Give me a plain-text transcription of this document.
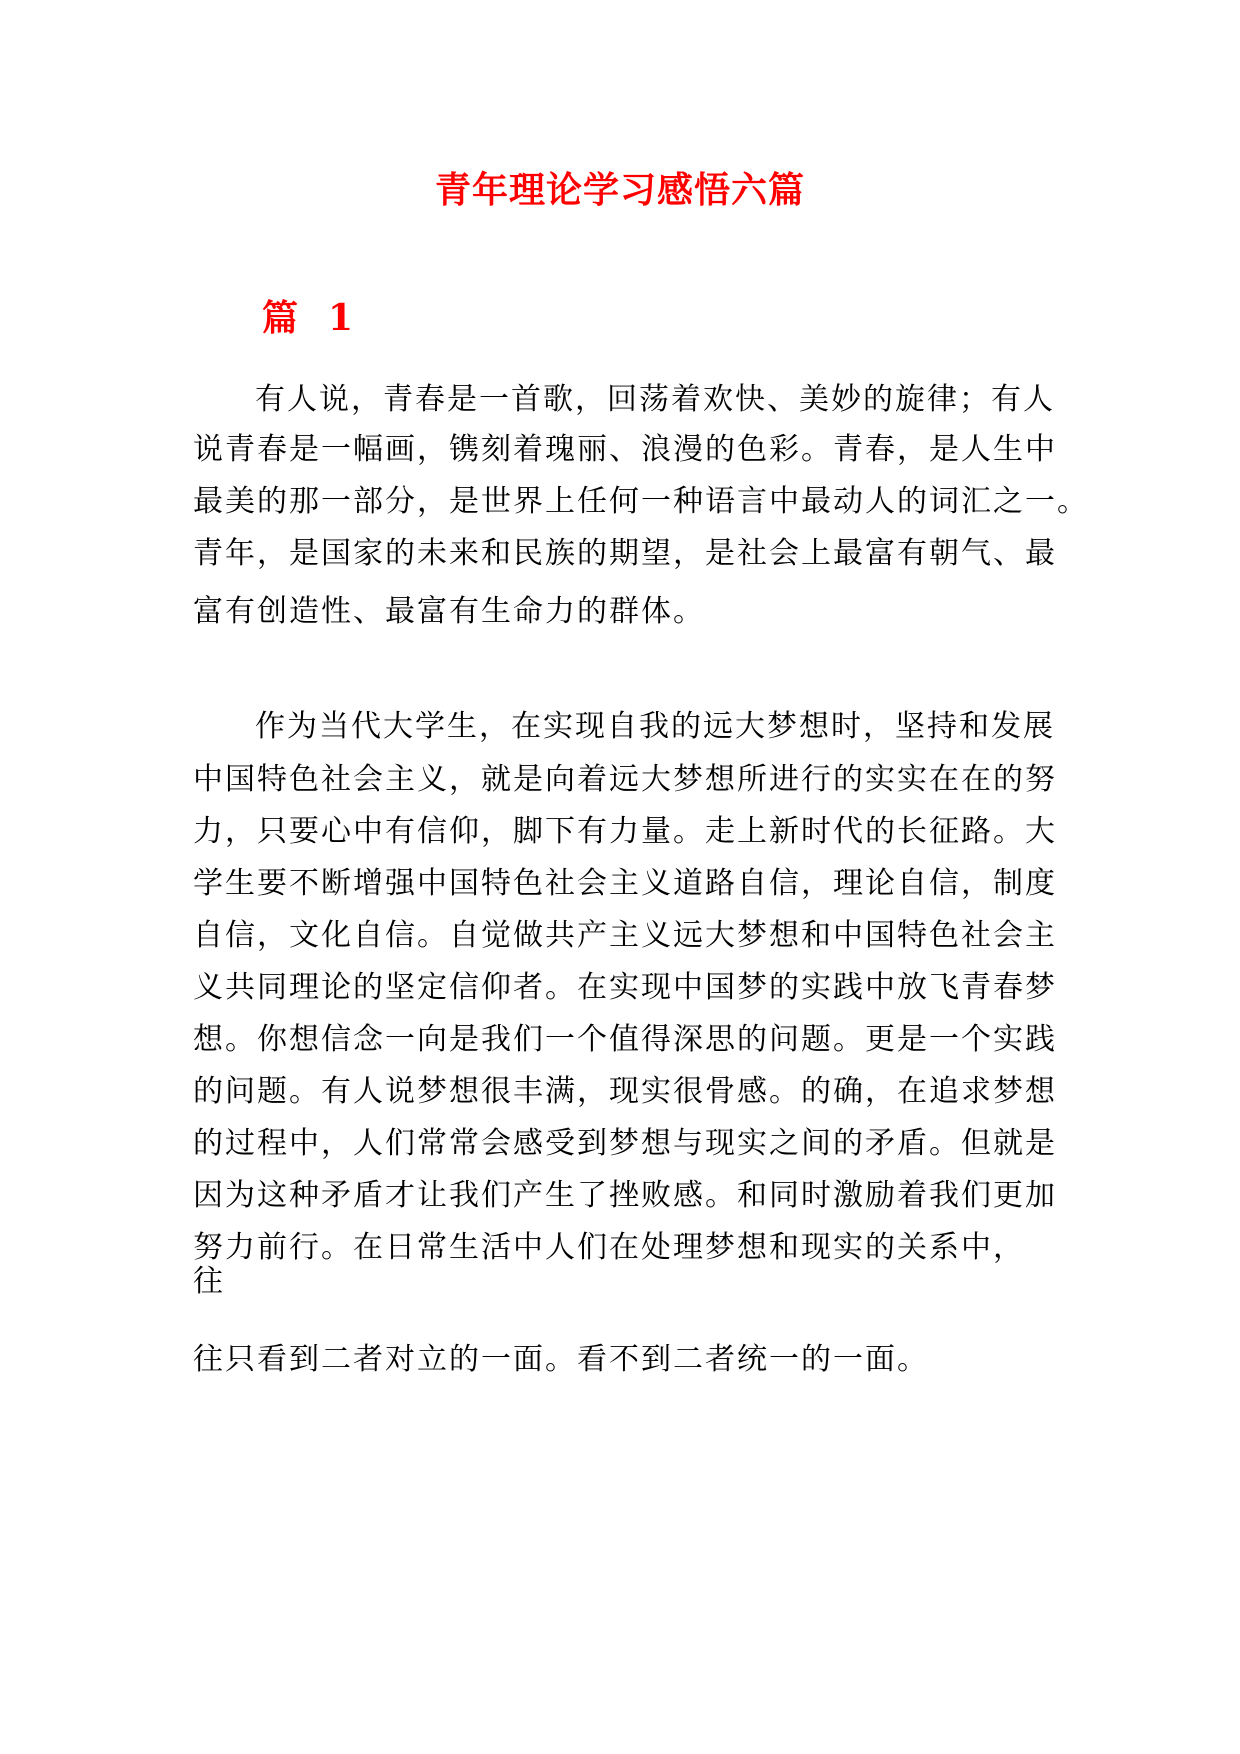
青年理论学习感悟六篇
篇 1
有人说，青春是一首歌，回荡着欢快、美妙的旋律；有人
说青春是一幅画，镌刻着瑰丽、浪漫的色彩。青春，是人生中
最美的那一部分，是世界上任何一种语言中最动人的词汇之一。
青年，是国家的未来和民族的期望，是社会上最富有朝气、最
富有创造性、最富有生命力的群体。
作为当代大学生，在实现自我的远大梦想时，坚持和发展
中国特色社会主义，就是向着远大梦想所进行的实实在在的努
力，只要心中有信仰，脚下有力量。走上新时代的长征路。大
学生要不断增强中国特色社会主义道路自信，理论自信，制度
自信，文化自信。自觉做共产主义远大梦想和中国特色社会主
义共同理论的坚定信仰者。在实现中国梦的实践中放飞青春梦
想。你想信念一向是我们一个值得深思的问题。更是一个实践
的问题。有人说梦想很丰满，现实很骨感。的确，在追求梦想
的过程中，人们常常会感受到梦想与现实之间的矛盾。但就是
因为这种矛盾才让我们产生了挫败感。和同时激励着我们更加
努力前行。在日常生活中人们在处理梦想和现实的关系中，
往
往只看到二者对立的一面。看不到二者统一的一面。
